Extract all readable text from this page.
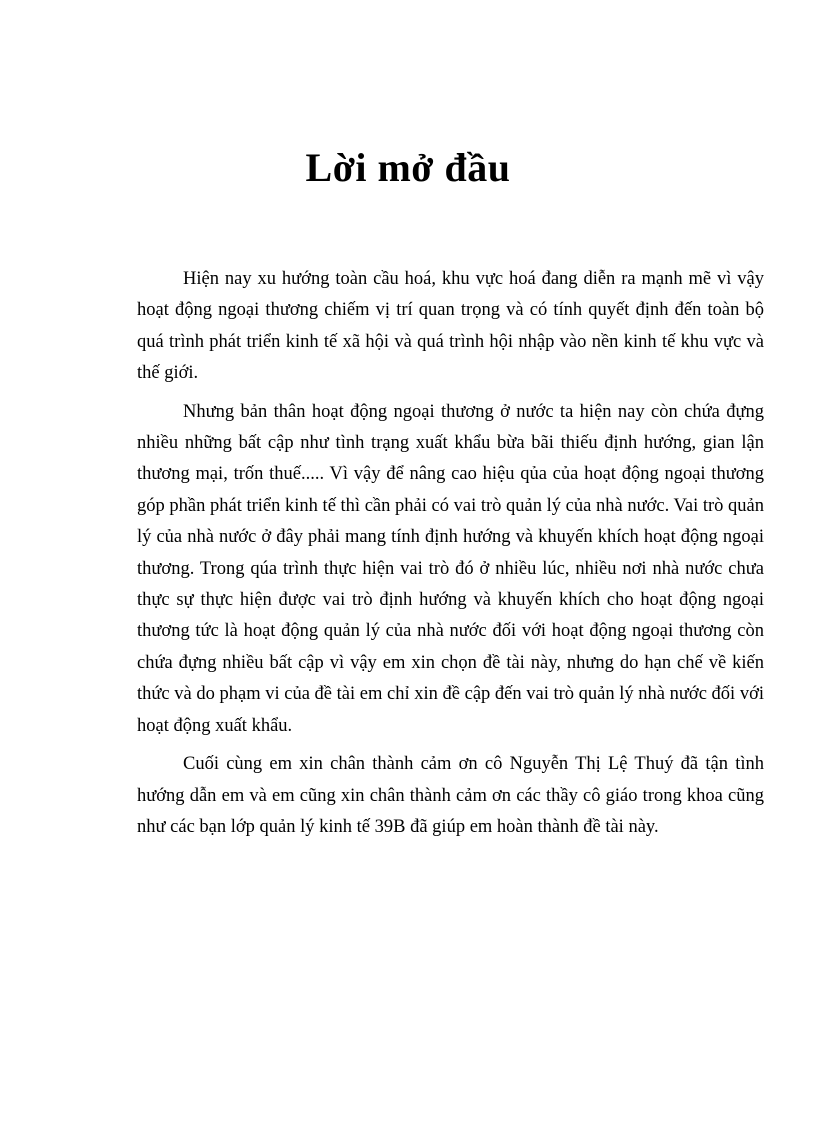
Lời mở đầu

Hiện nay xu hướng toàn cầu hoá, khu vực hoá đang diễn ra mạnh mẽ vì vậy hoạt động ngoại thương chiếm vị trí quan trọng và có tính quyết định đến toàn bộ quá trình phát triển kinh tế xã hội và quá trình hội nhập vào nền kinh tế khu vực và thế giới.

Nhưng bản thân hoạt động ngoại thương ở nước ta hiện nay còn chứa đựng nhiều những bất cập như tình trạng xuất khẩu bừa bãi thiếu định hướng, gian lận thương mại, trốn thuế..... Vì vậy để nâng cao hiệu qủa của hoạt động ngoại thương góp phần phát triển kinh tế thì cần phải có vai trò quản lý của nhà nước. Vai trò quản lý của nhà nước ở đây phải mang tính định hướng và khuyến khích hoạt động ngoại thương. Trong qúa trình thực hiện vai trò đó ở nhiều lúc, nhiều nơi nhà nước chưa thực sự thực hiện được vai trò định hướng và khuyến khích cho hoạt động ngoại thương tức là hoạt động quản lý của nhà nước đối với hoạt động ngoại thương còn chứa đựng nhiều bất cập vì vậy em xin chọn đề tài này, nhưng do hạn chế về kiến thức và do phạm vi của đề tài em chỉ xin đề cập đến vai trò quản lý nhà nước đối với hoạt động xuất khẩu.

Cuối cùng em xin chân thành cảm ơn cô Nguyễn Thị Lệ Thuý đã tận tình hướng dẫn em và em cũng xin chân thành cảm ơn các thầy cô giáo trong khoa cũng như các bạn lớp quản lý kinh tế 39B đã giúp em hoàn thành đề tài này.
